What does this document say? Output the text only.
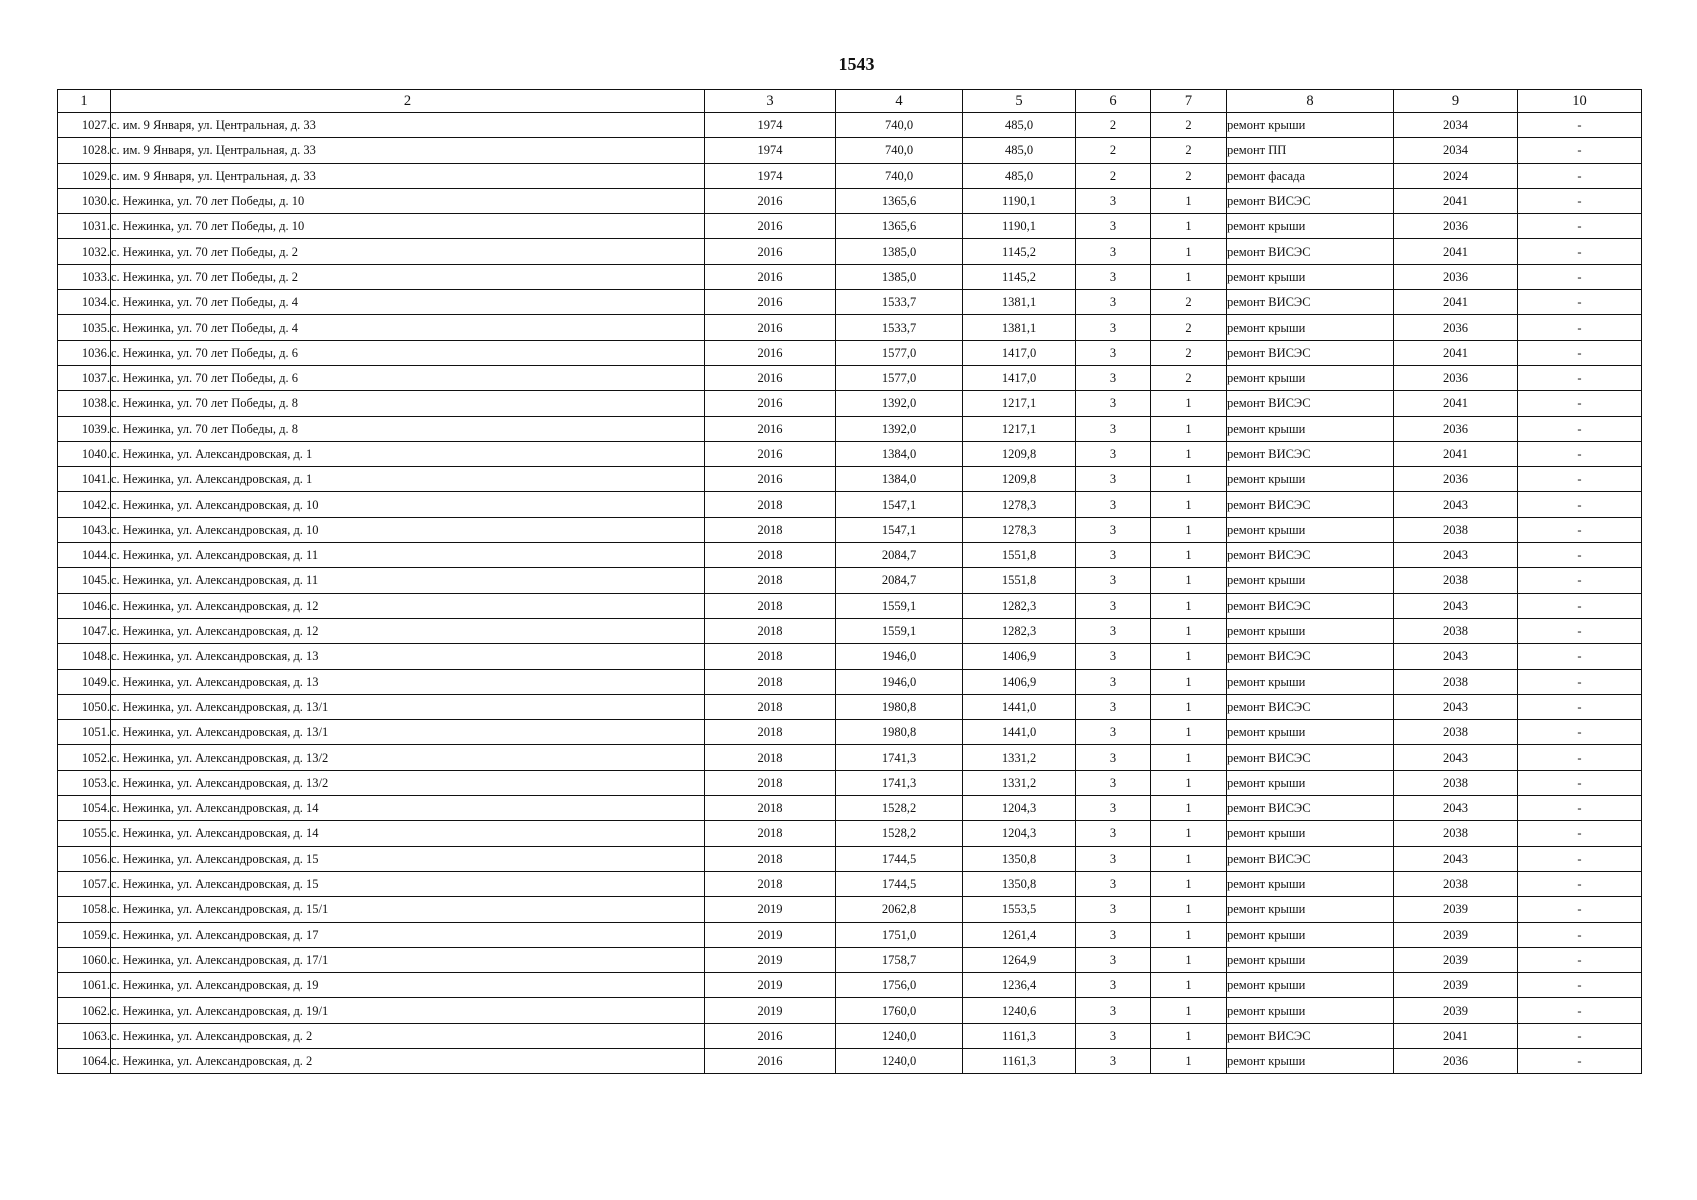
1543
1	2	3	4	5	6	7	8	9	10
1027.	с. им. 9 Января, ул. Центральная, д. 33	1974	740,0	485,0	2	2	ремонт крыши	2034	-
1028.	с. им. 9 Января, ул. Центральная, д. 33	1974	740,0	485,0	2	2	ремонт ПП	2034	-
1029.	с. им. 9 Января, ул. Центральная, д. 33	1974	740,0	485,0	2	2	ремонт фасада	2024	-
1030.	с. Нежинка, ул. 70 лет Победы, д. 10	2016	1365,6	1190,1	3	1	ремонт ВИСЭС	2041	-
1031.	с. Нежинка, ул. 70 лет Победы, д. 10	2016	1365,6	1190,1	3	1	ремонт крыши	2036	-
1032.	с. Нежинка, ул. 70 лет Победы, д. 2	2016	1385,0	1145,2	3	1	ремонт ВИСЭС	2041	-
1033.	с. Нежинка, ул. 70 лет Победы, д. 2	2016	1385,0	1145,2	3	1	ремонт крыши	2036	-
1034.	с. Нежинка, ул. 70 лет Победы, д. 4	2016	1533,7	1381,1	3	2	ремонт ВИСЭС	2041	-
1035.	с. Нежинка, ул. 70 лет Победы, д. 4	2016	1533,7	1381,1	3	2	ремонт крыши	2036	-
1036.	с. Нежинка, ул. 70 лет Победы, д. 6	2016	1577,0	1417,0	3	2	ремонт ВИСЭС	2041	-
1037.	с. Нежинка, ул. 70 лет Победы, д. 6	2016	1577,0	1417,0	3	2	ремонт крыши	2036	-
1038.	с. Нежинка, ул. 70 лет Победы, д. 8	2016	1392,0	1217,1	3	1	ремонт ВИСЭС	2041	-
1039.	с. Нежинка, ул. 70 лет Победы, д. 8	2016	1392,0	1217,1	3	1	ремонт крыши	2036	-
1040.	с. Нежинка, ул. Александровская, д. 1	2016	1384,0	1209,8	3	1	ремонт ВИСЭС	2041	-
1041.	с. Нежинка, ул. Александровская, д. 1	2016	1384,0	1209,8	3	1	ремонт крыши	2036	-
1042.	с. Нежинка, ул. Александровская, д. 10	2018	1547,1	1278,3	3	1	ремонт ВИСЭС	2043	-
1043.	с. Нежинка, ул. Александровская, д. 10	2018	1547,1	1278,3	3	1	ремонт крыши	2038	-
1044.	с. Нежинка, ул. Александровская, д. 11	2018	2084,7	1551,8	3	1	ремонт ВИСЭС	2043	-
1045.	с. Нежинка, ул. Александровская, д. 11	2018	2084,7	1551,8	3	1	ремонт крыши	2038	-
1046.	с. Нежинка, ул. Александровская, д. 12	2018	1559,1	1282,3	3	1	ремонт ВИСЭС	2043	-
1047.	с. Нежинка, ул. Александровская, д. 12	2018	1559,1	1282,3	3	1	ремонт крыши	2038	-
1048.	с. Нежинка, ул. Александровская, д. 13	2018	1946,0	1406,9	3	1	ремонт ВИСЭС	2043	-
1049.	с. Нежинка, ул. Александровская, д. 13	2018	1946,0	1406,9	3	1	ремонт крыши	2038	-
1050.	с. Нежинка, ул. Александровская, д. 13/1	2018	1980,8	1441,0	3	1	ремонт ВИСЭС	2043	-
1051.	с. Нежинка, ул. Александровская, д. 13/1	2018	1980,8	1441,0	3	1	ремонт крыши	2038	-
1052.	с. Нежинка, ул. Александровская, д. 13/2	2018	1741,3	1331,2	3	1	ремонт ВИСЭС	2043	-
1053.	с. Нежинка, ул. Александровская, д. 13/2	2018	1741,3	1331,2	3	1	ремонт крыши	2038	-
1054.	с. Нежинка, ул. Александровская, д. 14	2018	1528,2	1204,3	3	1	ремонт ВИСЭС	2043	-
1055.	с. Нежинка, ул. Александровская, д. 14	2018	1528,2	1204,3	3	1	ремонт крыши	2038	-
1056.	с. Нежинка, ул. Александровская, д. 15	2018	1744,5	1350,8	3	1	ремонт ВИСЭС	2043	-
1057.	с. Нежинка, ул. Александровская, д. 15	2018	1744,5	1350,8	3	1	ремонт крыши	2038	-
1058.	с. Нежинка, ул. Александровская, д. 15/1	2019	2062,8	1553,5	3	1	ремонт крыши	2039	-
1059.	с. Нежинка, ул. Александровская, д. 17	2019	1751,0	1261,4	3	1	ремонт крыши	2039	-
1060.	с. Нежинка, ул. Александровская, д. 17/1	2019	1758,7	1264,9	3	1	ремонт крыши	2039	-
1061.	с. Нежинка, ул. Александровская, д. 19	2019	1756,0	1236,4	3	1	ремонт крыши	2039	-
1062.	с. Нежинка, ул. Александровская, д. 19/1	2019	1760,0	1240,6	3	1	ремонт крыши	2039	-
1063.	с. Нежинка, ул. Александровская, д. 2	2016	1240,0	1161,3	3	1	ремонт ВИСЭС	2041	-
1064.	с. Нежинка, ул. Александровская, д. 2	2016	1240,0	1161,3	3	1	ремонт крыши	2036	-
